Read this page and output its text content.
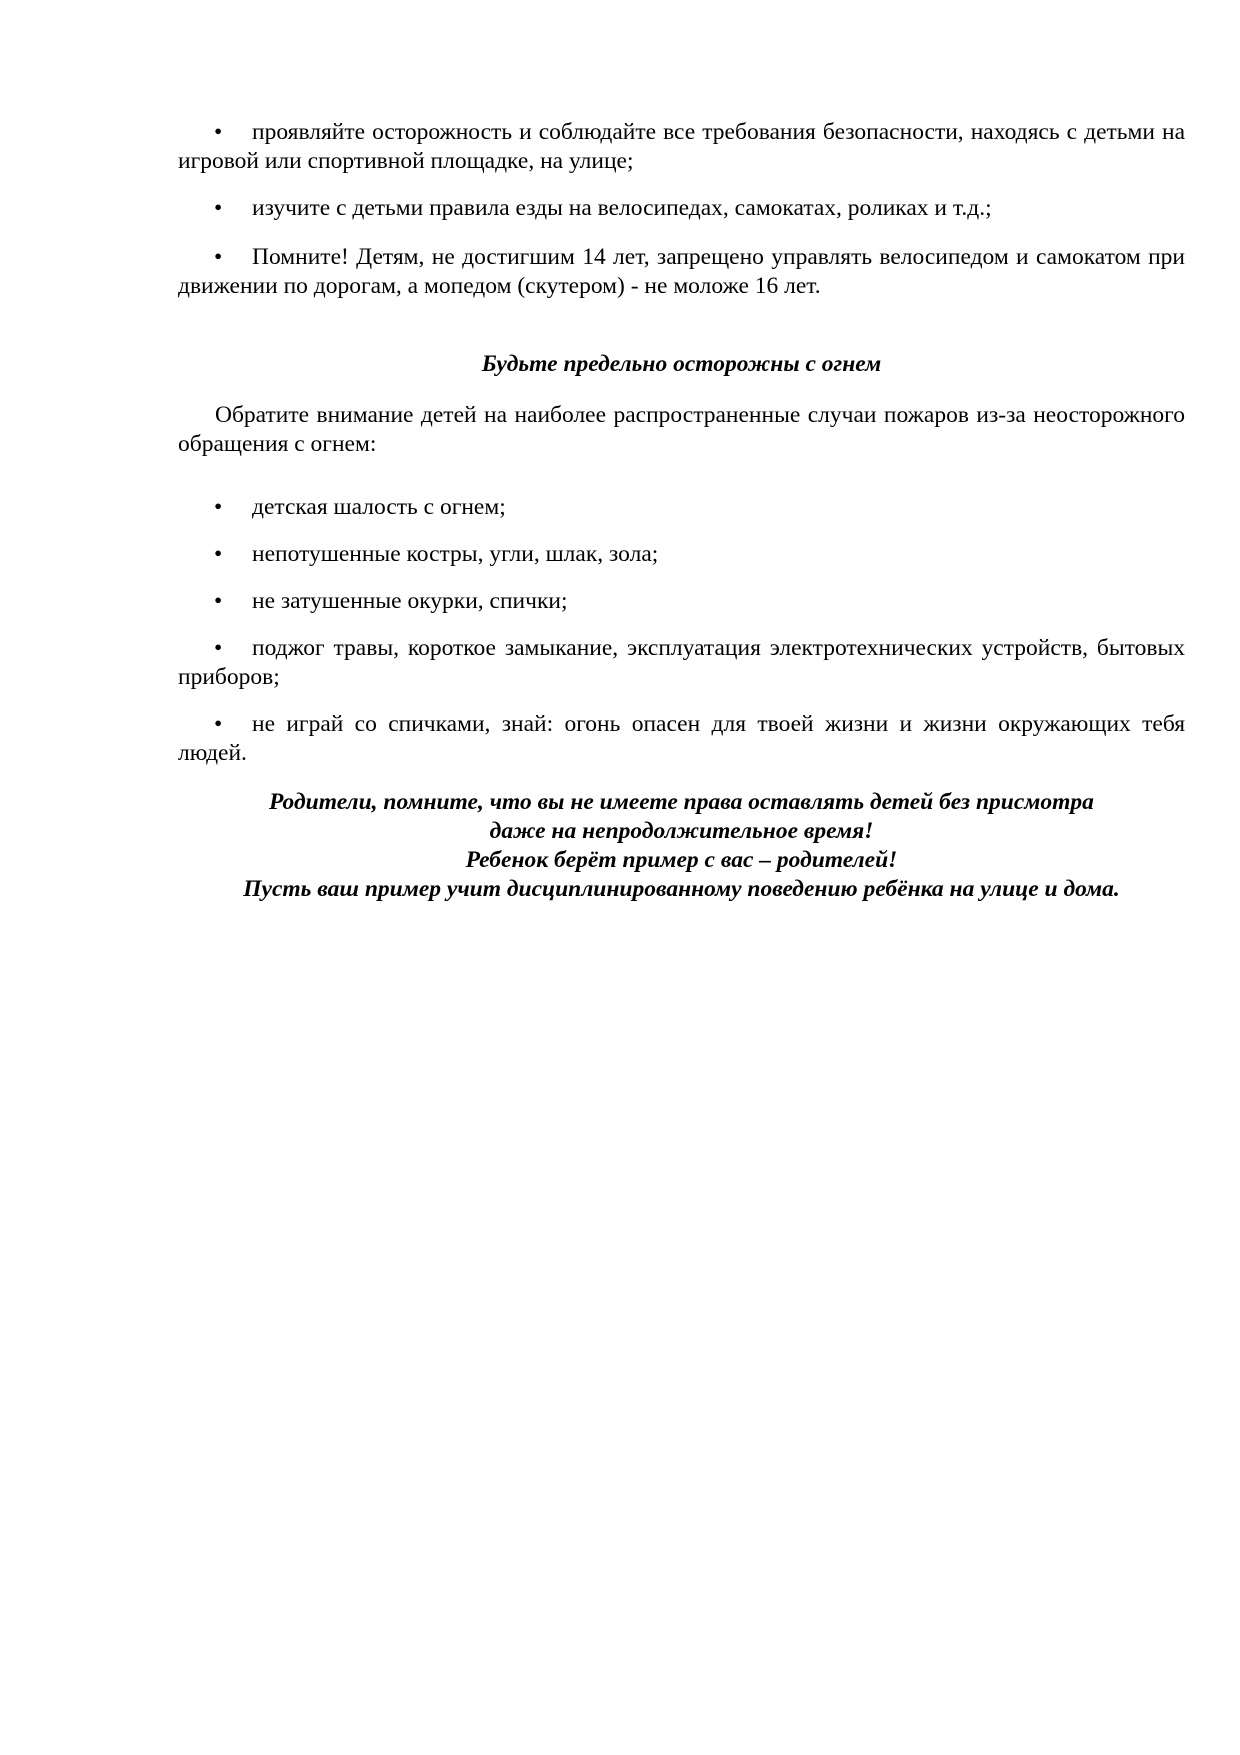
• проявляйте осторожность и соблюдайте все требования безопасности, находясь с детьми на игровой или спортивной площадке, на улице;

• изучите с детьми правила езды на велосипедах, самокатах, роликах и т.д.;

• Помните! Детям, не достигшим 14 лет, запрещено управлять велосипедом и самокатом при движении по дорогам, а мопедом (скутером) - не моложе 16 лет.

Будьте предельно осторожны с огнем

Обратите внимание детей на наиболее распространенные случаи пожаров из-за неосторожного обращения с огнем:

• детская шалость с огнем;

• непотушенные костры, угли, шлак, зола;

• не затушенные окурки, спички;

• поджог травы, короткое замыкание, эксплуатация электротехнических устройств, бытовых приборов;

• не играй со спичками, знай: огонь опасен для твоей жизни и жизни окружающих тебя людей.

Родители, помните, что вы не имеете права оставлять детей без присмотра
даже на непродолжительное время!
Ребенок берёт пример с вас – родителей!
Пусть ваш пример учит дисциплинированному поведению ребёнка на улице и дома.
